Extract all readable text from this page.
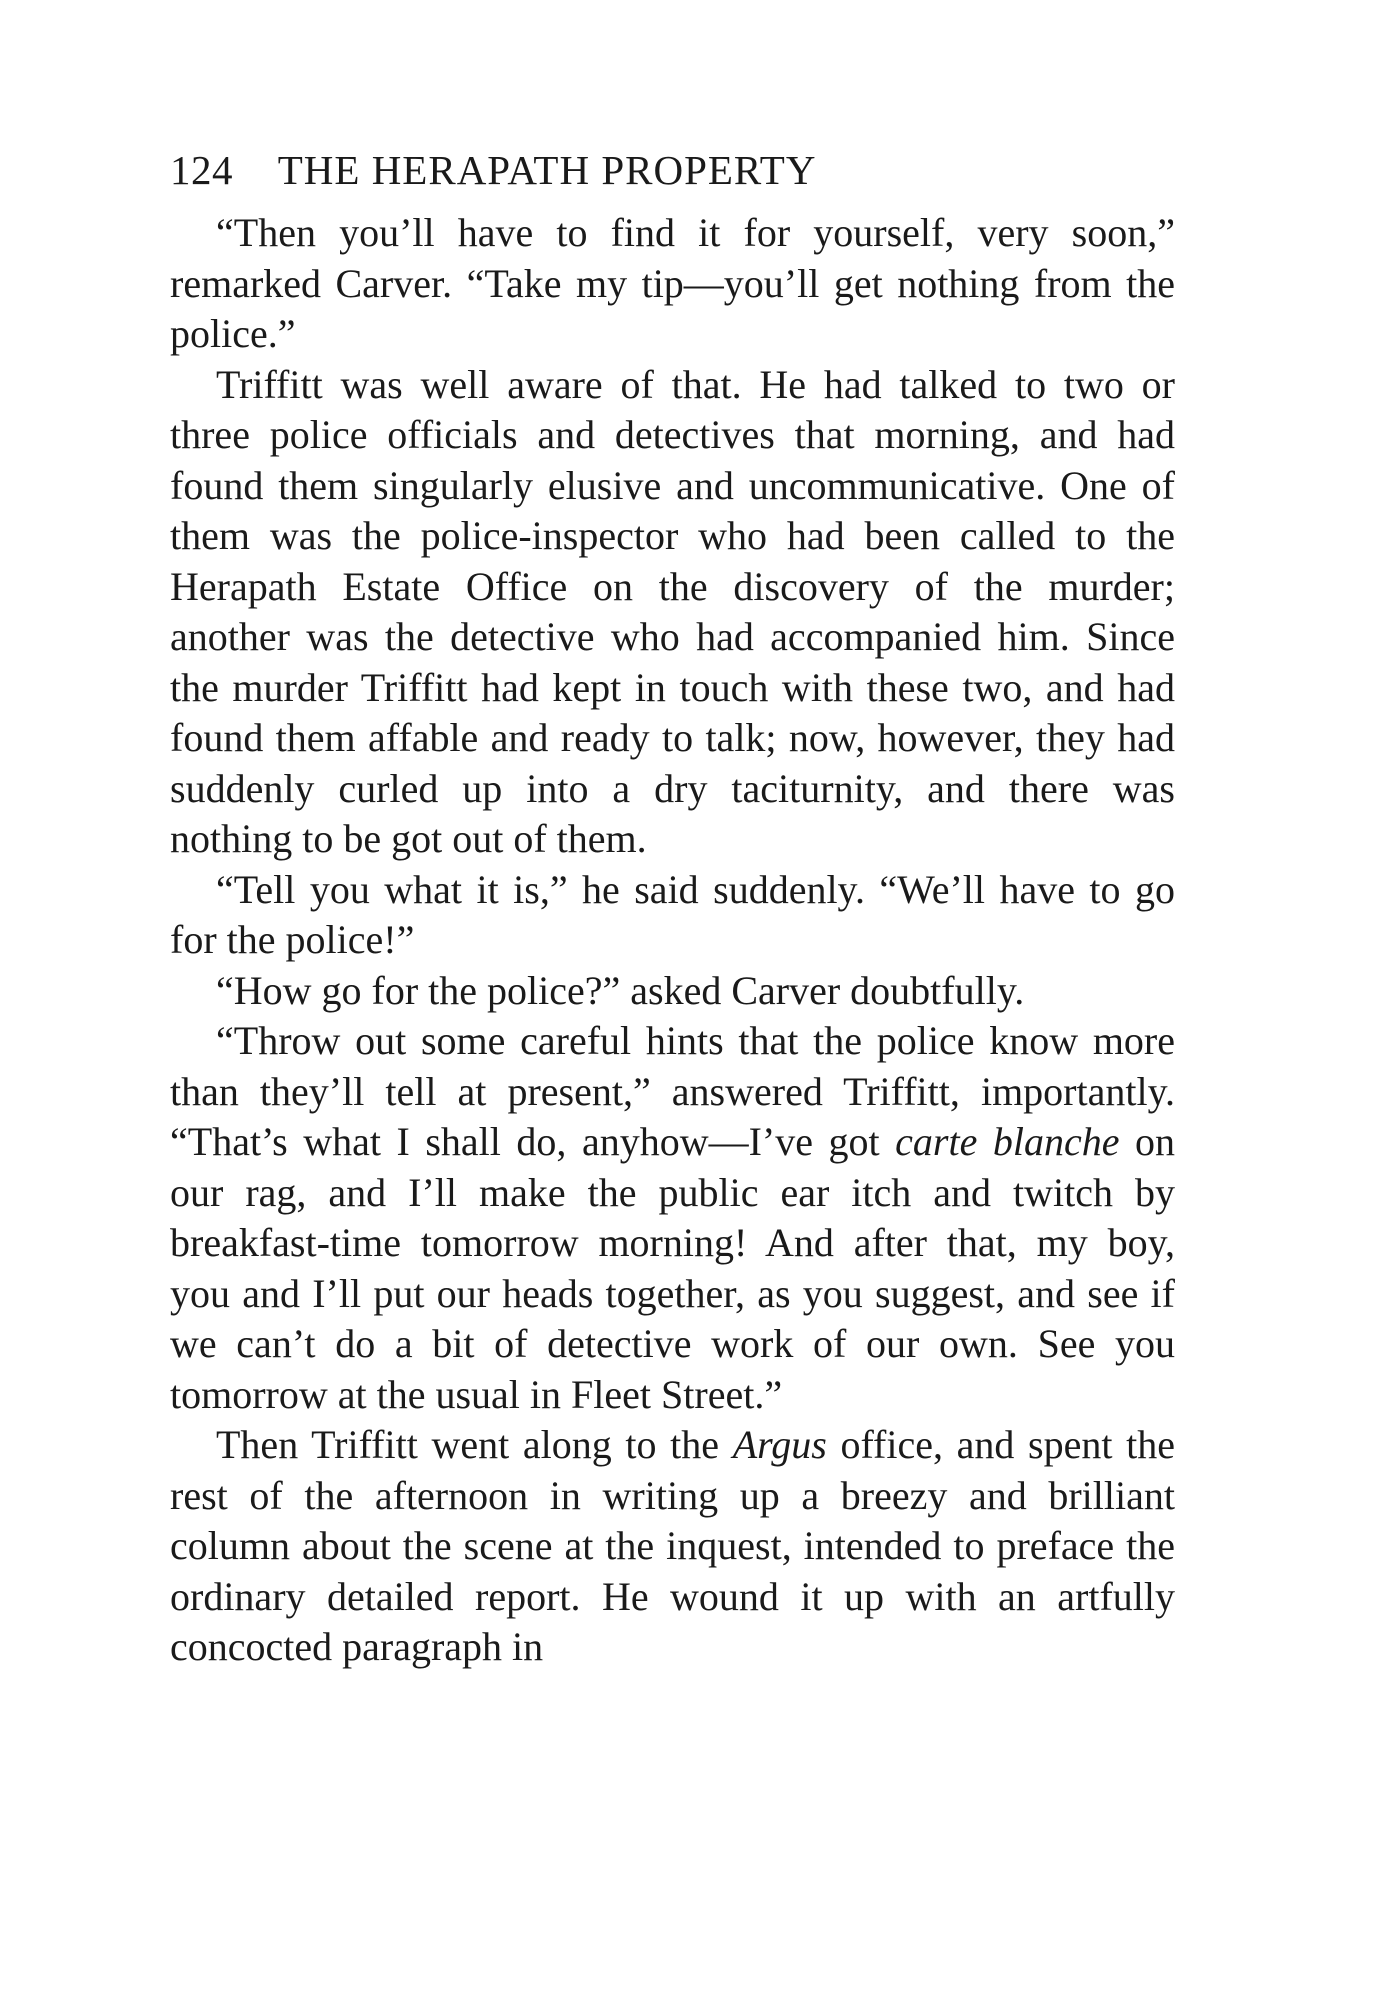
124 THE HERAPATH PROPERTY

“Then you’ll have to find it for yourself, very soon,” remarked Carver. “Take my tip—you’ll get nothing from the police.”

Triffitt was well aware of that. He had talked to two or three police officials and detectives that morning, and had found them singularly elusive and uncommunicative. One of them was the police-inspector who had been called to the Herapath Estate Office on the discovery of the murder; another was the detective who had accompanied him. Since the murder Triffitt had kept in touch with these two, and had found them affable and ready to talk; now, however, they had suddenly curled up into a dry taciturnity, and there was nothing to be got out of them.

“Tell you what it is,” he said suddenly. “We’ll have to go for the police!”

“How go for the police?” asked Carver doubtfully.

“Throw out some careful hints that the police know more than they’ll tell at present,” answered Triffitt, importantly. “That’s what I shall do, anyhow—I’ve got carte blanche on our rag, and I’ll make the public ear itch and twitch by breakfast-time tomorrow morning! And after that, my boy, you and I’ll put our heads together, as you suggest, and see if we can’t do a bit of detective work of our own. See you tomorrow at the usual in Fleet Street.”

Then Triffitt went along to the Argus office, and spent the rest of the afternoon in writing up a breezy and brilliant column about the scene at the inquest, intended to preface the ordinary detailed report. He wound it up with an artfully concocted paragraph in
